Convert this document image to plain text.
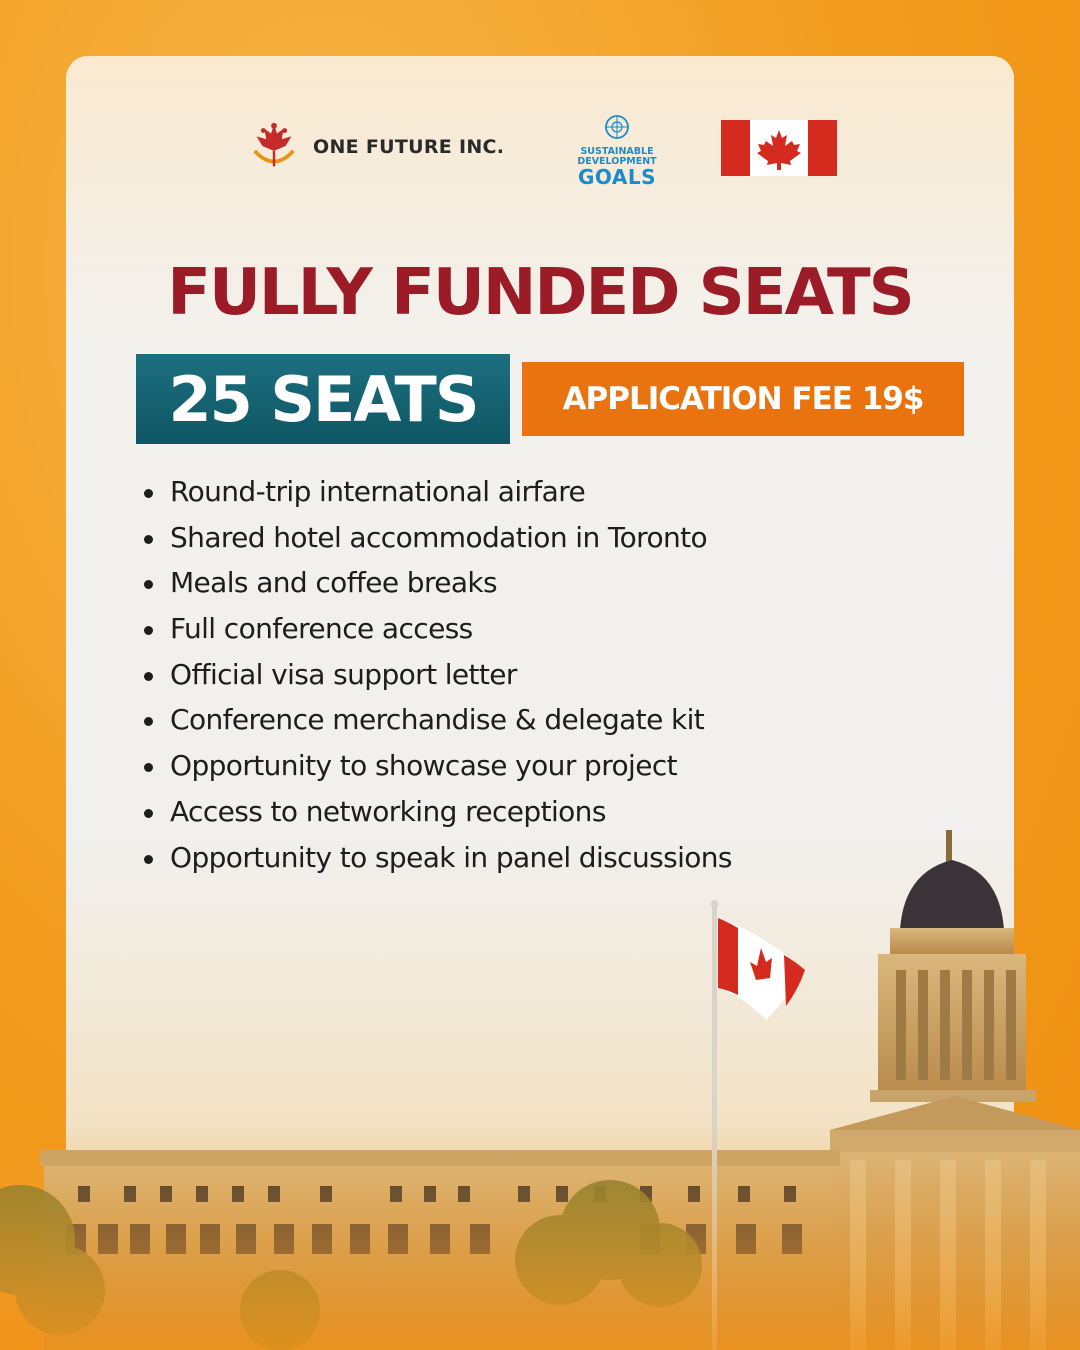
ONE FUTURE INC.	SUSTAINABLE
DEVELOPMENT
GOALS
FULLY FUNDED SEATS
25 SEATS	APPLICATION FEE 19$
Round-trip international airfare
Shared hotel accommodation in Toronto
Meals and coffee breaks
Full conference access
Official visa support letter
Conference merchandise & delegate kit
Opportunity to showcase your project
Access to networking receptions
Opportunity to speak in panel discussions
